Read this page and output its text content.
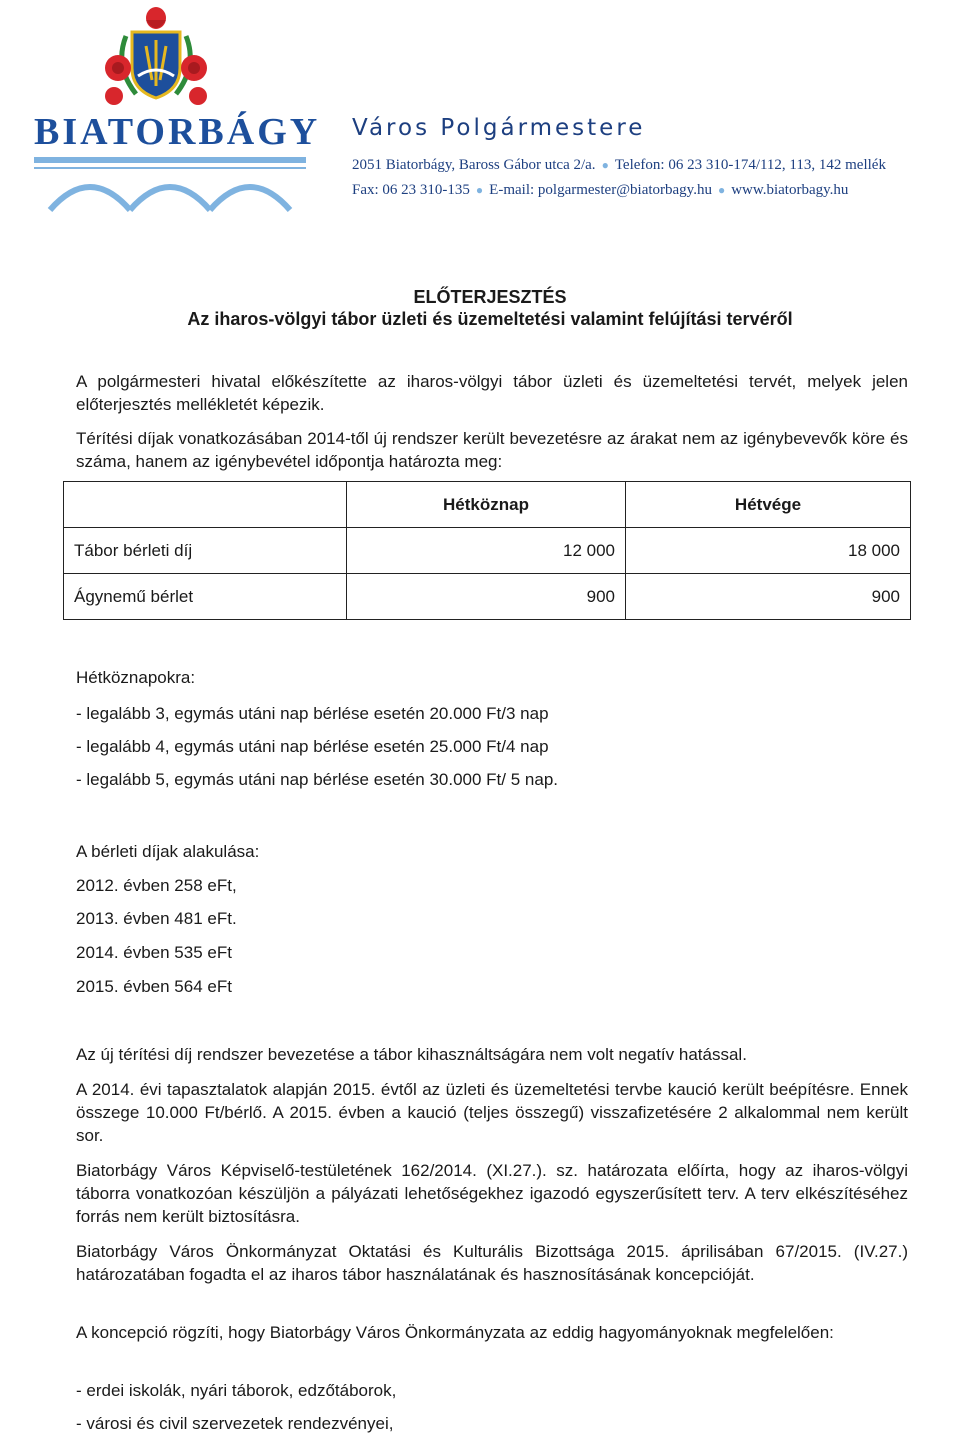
BIATORBÁGY Város Polgármestere
2051 Biatorbágy, Baross Gábor utca 2/a. ● Telefon: 06 23 310-174/112, 113, 142 mellék
Fax: 06 23 310-135 ● E-mail: polgarmester@biatorbagy.hu ● www.biatorbagy.hu
ELŐTERJESZTÉS
Az iharos-völgyi tábor üzleti és üzemeltetési valamint felújítási tervéről
A polgármesteri hivatal előkészítette az iharos-völgyi tábor üzleti és üzemeltetési tervét, melyek jelen előterjesztés mellékletét képezik.
Térítési díjak vonatkozásában 2014-től új rendszer került bevezetésre az árakat nem az igénybevevők köre és száma, hanem az igénybevétel időpontja határozta meg:
	Hétköznap	Hétvége
Tábor bérleti díj	12 000	18 000
Ágynemű bérlet	900	900
Hétköznapokra:
- legalább 3, egymás utáni nap bérlése esetén 20.000 Ft/3 nap
- legalább 4, egymás utáni nap bérlése esetén 25.000 Ft/4 nap
- legalább 5, egymás utáni nap bérlése esetén 30.000 Ft/ 5 nap.
A bérleti díjak alakulása:
2012. évben 258 eFt,
2013. évben 481 eFt.
2014. évben 535 eFt
2015. évben 564 eFt
Az új térítési díj rendszer bevezetése a tábor kihasználtságára nem volt negatív hatással.
A 2014. évi tapasztalatok alapján 2015. évtől az üzleti és üzemeltetési tervbe kaució került beépítésre. Ennek összege 10.000 Ft/bérlő. A 2015. évben a kaució (teljes összegű) visszafizetésére 2 alkalommal nem került sor.
Biatorbágy Város Képviselő-testületének 162/2014. (XI.27.). sz. határozata előírta, hogy az iharos-völgyi táborra vonatkozóan készüljön a pályázati lehetőségekhez igazodó egyszerűsített terv. A terv elkészítéséhez forrás nem került biztosításra.
Biatorbágy Város Önkormányzat Oktatási és Kulturális Bizottsága 2015. áprilisában 67/2015. (IV.27.) határozatában fogadta el az iharos tábor használatának és hasznosításának koncepcióját.
A koncepció rögzíti, hogy Biatorbágy Város Önkormányzata az eddig hagyományoknak megfelelően:
- erdei iskolák, nyári táborok, edzőtáborok,
- városi és civil szervezetek rendezvényei,
